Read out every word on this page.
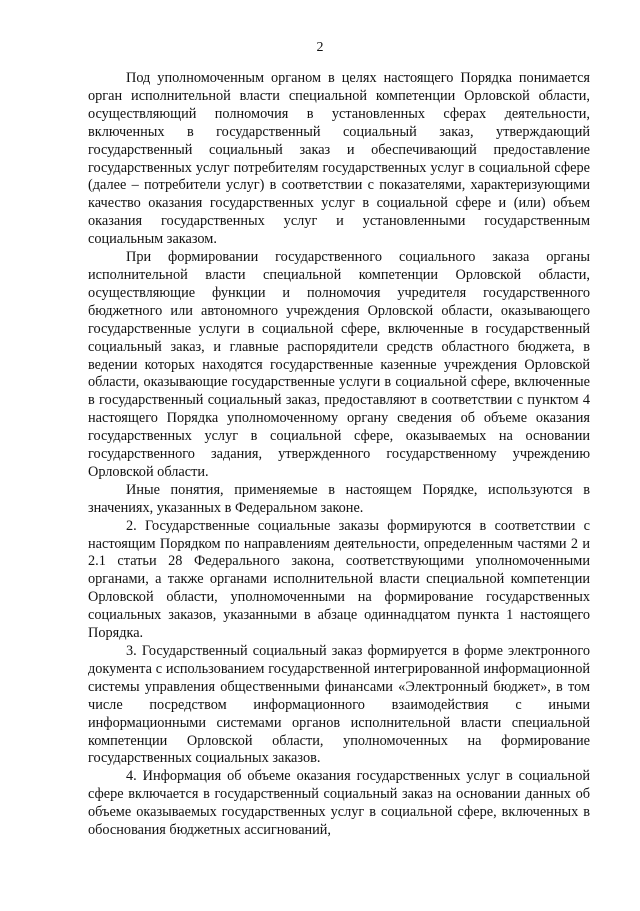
2

Под уполномоченным органом в целях настоящего Порядка понимается орган исполнительной власти специальной компетенции Орловской области, осуществляющий полномочия в установленных сферах деятельности, включенных в государственный социальный заказ, утверждающий государственный социальный заказ и обеспечивающий предоставление государственных услуг потребителям государственных услуг в социальной сфере (далее – потребители услуг) в соответствии с показателями, характеризующими качество оказания государственных услуг в социальной сфере и (или) объем оказания государственных услуг и установленными государственным социальным заказом.

При формировании государственного социального заказа органы исполнительной власти специальной компетенции Орловской области, осуществляющие функции и полномочия учредителя государственного бюджетного или автономного учреждения Орловской области, оказывающего государственные услуги в социальной сфере, включенные в государственный социальный заказ, и главные распорядители средств областного бюджета, в ведении которых находятся государственные казенные учреждения Орловской области, оказывающие государственные услуги в социальной сфере, включенные в государственный социальный заказ, предоставляют в соответствии с пунктом 4 настоящего Порядка уполномоченному органу сведения об объеме оказания государственных услуг в социальной сфере, оказываемых на основании государственного задания, утвержденного государственному учреждению Орловской области.

Иные понятия, применяемые в настоящем Порядке, используются в значениях, указанных в Федеральном законе.

2. Государственные социальные заказы формируются в соответствии с настоящим Порядком по направлениям деятельности, определенным частями 2 и 2.1 статьи 28 Федерального закона, соответствующими уполномоченными органами, а также органами исполнительной власти специальной компетенции Орловской области, уполномоченными на формирование государственных социальных заказов, указанными в абзаце одиннадцатом пункта 1 настоящего Порядка.

3. Государственный социальный заказ формируется в форме электронного документа с использованием государственной интегрированной информационной системы управления общественными финансами «Электронный бюджет», в том числе посредством информационного взаимодействия с иными информационными системами органов исполнительной власти специальной компетенции Орловской области, уполномоченных на формирование государственных социальных заказов.

4. Информация об объеме оказания государственных услуг в социальной сфере включается в государственный социальный заказ на основании данных об объеме оказываемых государственных услуг в социальной сфере, включенных в обоснования бюджетных ассигнований,
